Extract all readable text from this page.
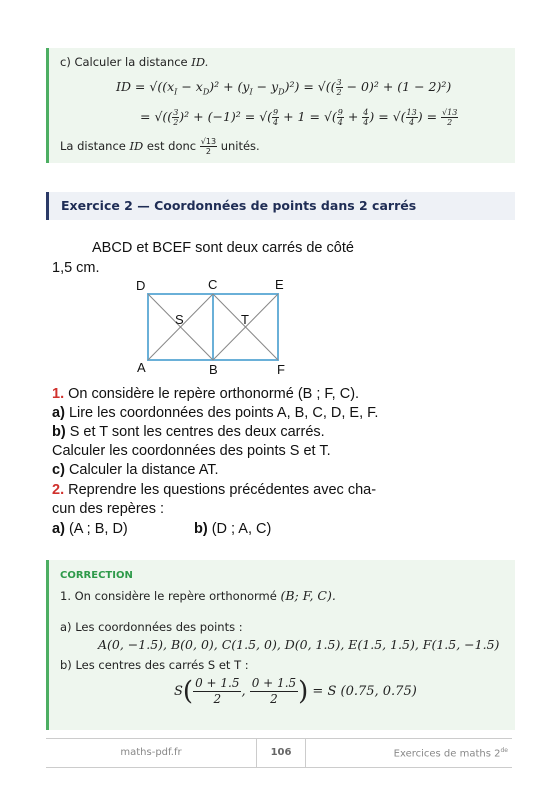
c) Calculer la distance ID.
ID = $√((x_I - x_D)^2 + (y_I - y_D)^2)$ = √(( $\frac{3}{2} - 0)^2 + (1 - 2)^2$)
= √(( $\frac{3}{2} )^2 + (-1)^2$ = √( $\frac{9}{4} + 1$ = √( $\frac{9}{4} + \frac{4}{4}$ ) = √( $\frac{13}{4}$ ) = $\frac{√13}{2}$
La distance ID est donc $\frac{√13}{2}$ unités.
Exercice 2 — Coordonnées de points dans 2 carrés
ABCD et BCEF sont deux carrés de côté
1,5 cm.
D	C	E
S	T
A	B	F
1. On considère le repère orthonormé (B ; F, C).
a) Lire les coordonnées des points A, B, C, D, E, F.
b) S et T sont les centres des deux carrés.
Calculer les coordonnées des points S et T.
c) Calculer la distance AT.
2. Reprendre les questions précédentes avec cha-
cun des repères :
a) (A ; B, D)	b) (D ; A, C)
CORRECTION
1. On considère le repère orthonormé (B; F, C).
a) Les coordonnées des points :
A(0, −1.5), B(0, 0), C(1.5, 0), D(0, 1.5), E(1.5, 1.5), F(1.5, −1.5)
b) Les centres des carrés S et T :
$S( \frac{0 + 1.5}{2}$, $\frac{0 + 1.5}{2}) = S$ (0.75, 0.75)
maths-pdf.fr	106	Exercices de maths 2de
